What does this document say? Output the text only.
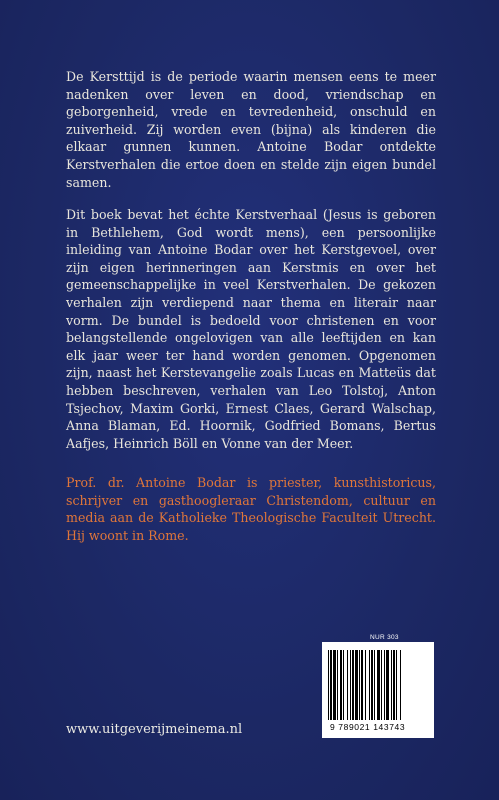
De Kersttijd is de periode waarin mensen eens te meer nadenken over leven en dood, vriendschap en geborgenheid, vrede en tevredenheid, onschuld en zuiverheid. Zij worden even (bijna) als kinderen die elkaar gunnen kunnen. Antoine Bodar ontdekte Kerstverhalen die ertoe doen en stelde zijn eigen bundel samen.

Dit boek bevat het échte Kerstverhaal (Jesus is geboren in Bethlehem, God wordt mens), een persoonlijke inleiding van Antoine Bodar over het Kerstgevoel, over zijn eigen herinneringen aan Kerstmis en over het gemeenschappelijke in veel Kerstverhalen. De gekozen verhalen zijn verdiepend naar thema en literair naar vorm. De bundel is bedoeld voor christenen en voor belangstellende ongelovigen van alle leeftijden en kan elk jaar weer ter hand worden genomen. Opgenomen zijn, naast het Kerstevangelie zoals Lucas en Matteüs dat hebben beschreven, verhalen van Leo Tolstoj, Anton Tsjechov, Maxim Gorki, Ernest Claes, Gerard Walschap, Anna Blaman, Ed. Hoornik, Godfried Bomans, Bertus Aafjes, Heinrich Böll en Vonne van der Meer.

Prof. dr. Antoine Bodar is priester, kunsthistoricus, schrijver en gasthoogleraar Christendom, cultuur en media aan de Katholieke Theologische Faculteit Utrecht. Hij woont in Rome.

NUR 303

9 789021 143743

www.uitgeverijmeinema.nl
